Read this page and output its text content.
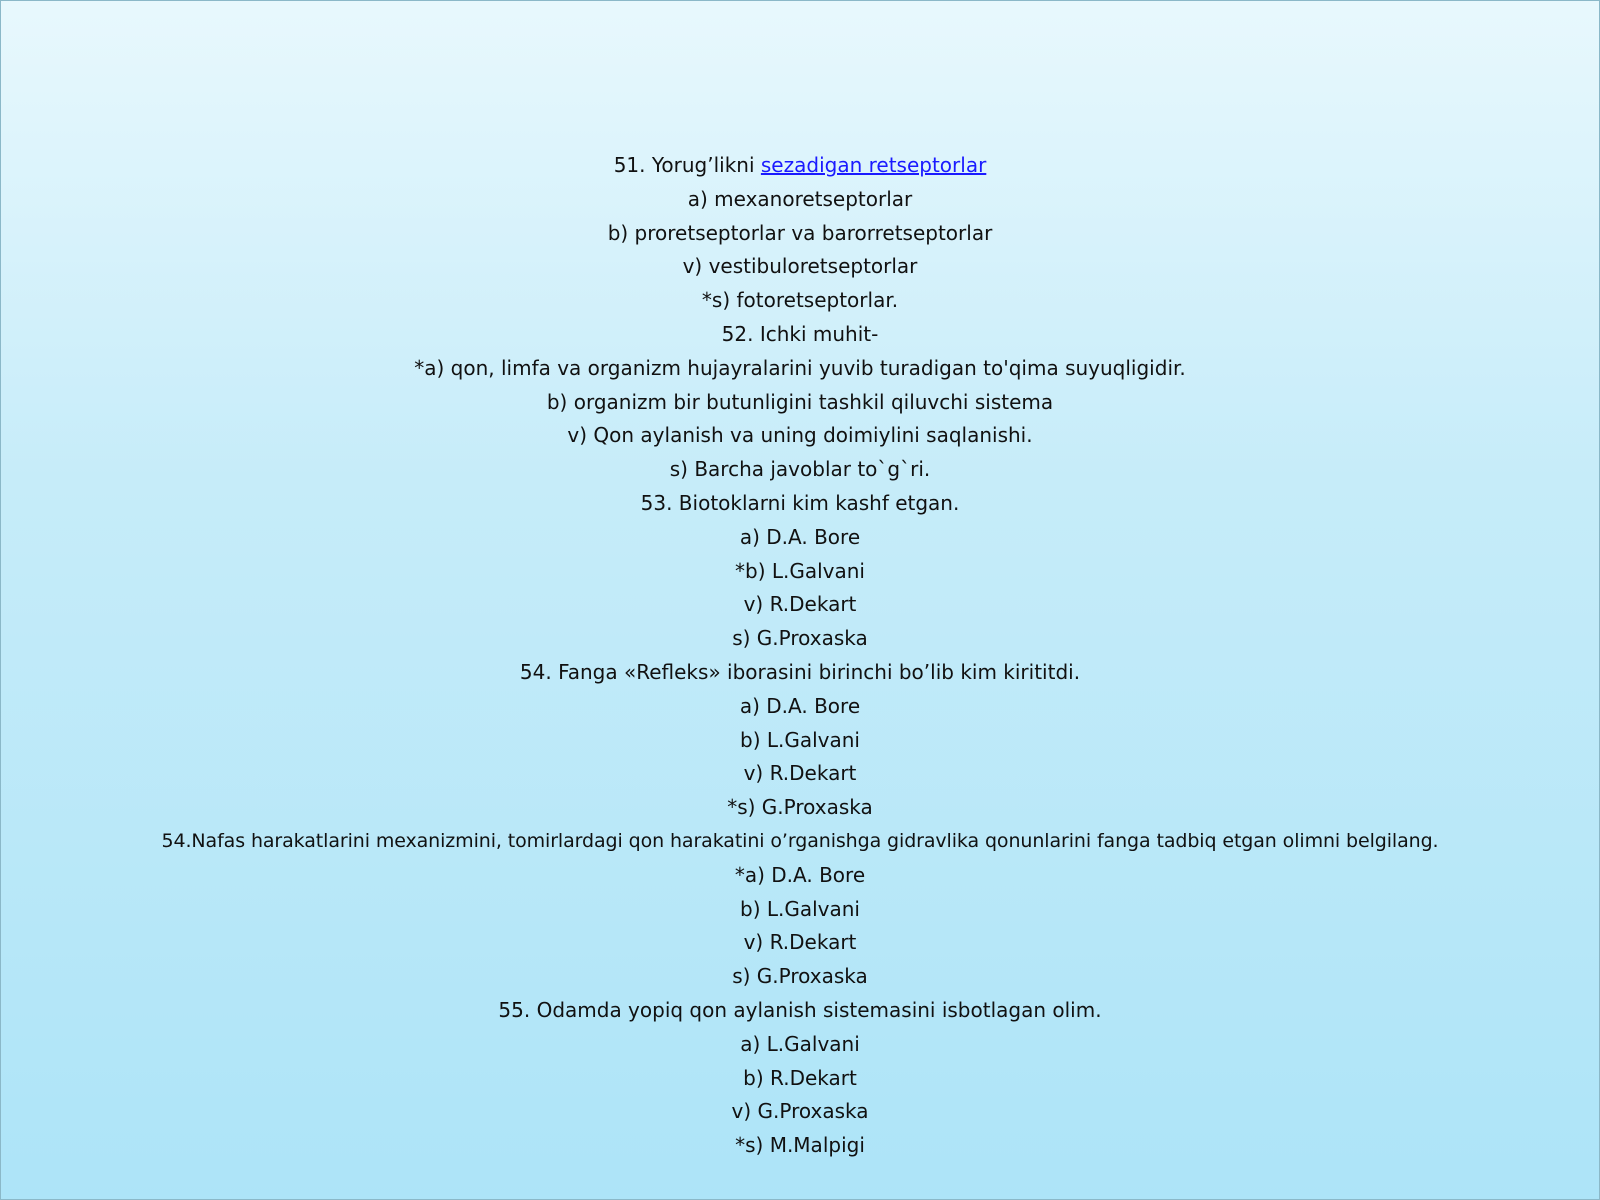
51. Yorug’likni sezadigan retseptorlar
a) mexanoretseptorlar
b) proretseptorlar va barorretseptorlar
v) vestibuloretseptorlar
*s) fotoretseptorlar.
52. Ichki muhit-
*a) qon, limfa va organizm hujayralarini yuvib turadigan to'qima suyuqligidir.
b) organizm bir butunligini tashkil qiluvchi sistema
v) Qon aylanish va uning doimiylini saqlanishi.
s) Barcha javoblar to`g`ri.
53. Biotoklarni kim kashf etgan.
a) D.A. Bore
*b) L.Galvani
v) R.Dekart
s) G.Proxaska
54. Fanga «Refleks» iborasini birinchi bo’lib kim kirititdi.
a) D.A. Bore
b) L.Galvani
v) R.Dekart
*s) G.Proxaska
54.Nafas harakatlarini mexanizmini, tomirlardagi qon harakatini o’rganishga gidravlika qonunlarini fanga tadbiq etgan olimni belgilang.
*a) D.A. Bore
b) L.Galvani
v) R.Dekart
s) G.Proxaska
55. Odamda yopiq qon aylanish sistemasini isbotlagan olim.
a) L.Galvani
b) R.Dekart
v) G.Proxaska
*s) M.Malpigi
